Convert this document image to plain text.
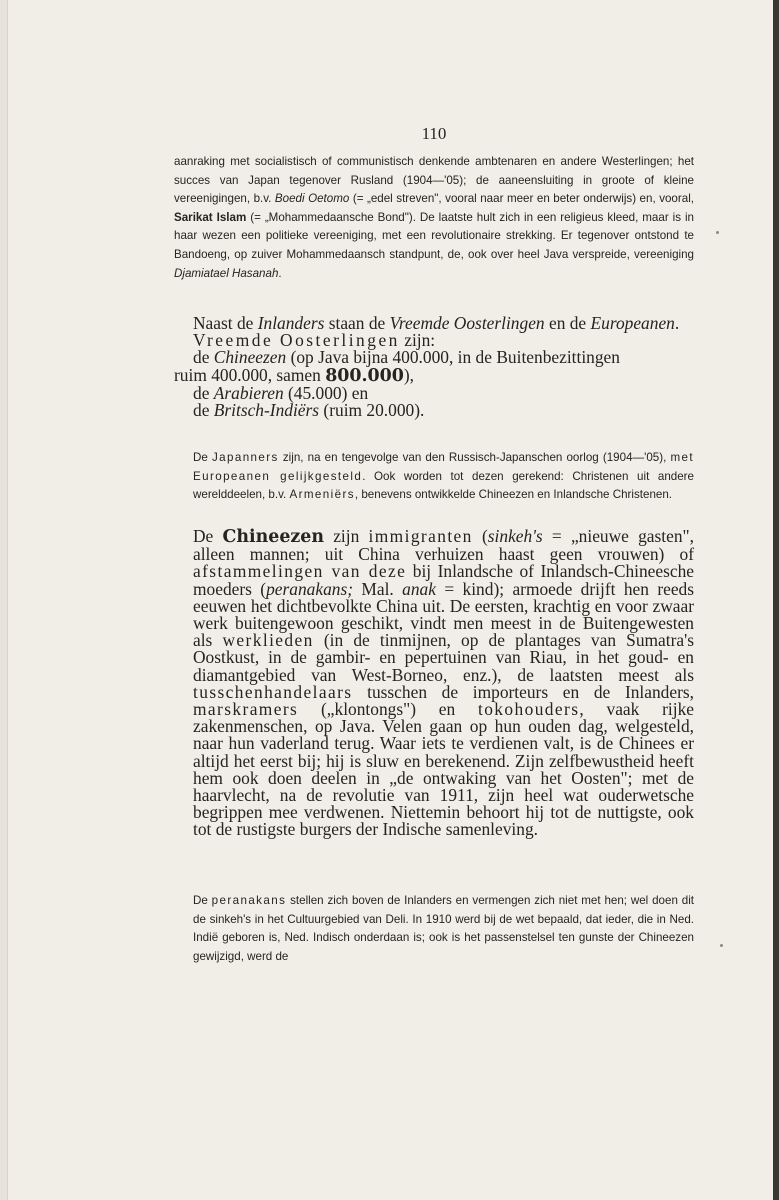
110

aanraking met socialistisch of communistisch denkende ambtenaren en andere Westerlingen; het succes van Japan tegenover Rusland (1904—'05); de aaneensluiting in groote of kleine vereenigingen, b.v. Boedi Oetomo (= „edel streven", vooral naar meer en beter onderwijs) en, vooral, Sarikat Islam (= „Mohammedaansche Bond"). De laatste hult zich in een religieus kleed, maar is in haar wezen een politieke vereeniging, met een revolutionaire strekking. Er tegenover ontstond te Bandoeng, op zuiver Mohammedaansch standpunt, de, ook over heel Java verspreide, vereeniging Djamiatael Hasanah.

Naast de Inlanders staan de Vreemde Oosterlingen en de Europeanen.

Vreemde Oosterlingen zijn:

de Chineezen (op Java bijna 400.000, in de Buitenbezittingen

ruim 400.000, samen 800.000),

de Arabieren (45.000) en

de Britsch-Indiërs (ruim 20.000).

De Japanners zijn, na en tengevolge van den Russisch-Japanschen oorlog (1904—'05), met Europeanen gelijkgesteld. Ook worden tot dezen gerekend: Christenen uit andere werelddeelen, b.v. Armeniërs, benevens ontwikkelde Chineezen en Inlandsche Christenen.

De Chineezen zijn immigranten (sinkeh's = „nieuwe gasten", alleen mannen; uit China verhuizen haast geen vrouwen) of afstammelingen van deze bij Inlandsche of Inlandsch-Chineesche moeders (peranakans; Mal. anak = kind); armoede drijft hen reeds eeuwen het dichtbevolkte China uit. De eersten, krachtig en voor zwaar werk buitengewoon geschikt, vindt men meest in de Buitengewesten als werklieden (in de tinmijnen, op de plantages van Sumatra's Oostkust, in de gambir- en pepertuinen van Riau, in het goud- en diamantgebied van West-Borneo, enz.), de laatsten meest als tusschenhandelaars tusschen de importeurs en de Inlanders, marskramers („klontongs") en tokohouders, vaak rijke zakenmenschen, op Java. Velen gaan op hun ouden dag, welgesteld, naar hun vaderland terug. Waar iets te verdienen valt, is de Chinees er altijd het eerst bij; hij is sluw en berekenend. Zijn zelfbewustheid heeft hem ook doen deelen in „de ontwaking van het Oosten"; met de haarvlecht, na de revolutie van 1911, zijn heel wat ouderwetsche begrippen mee verdwenen. Niettemin behoort hij tot de nuttigste, ook tot de rustigste burgers der Indische samenleving.

De peranakans stellen zich boven de Inlanders en vermengen zich niet met hen; wel doen dit de sinkeh's in het Cultuurgebied van Deli. In 1910 werd bij de wet bepaald, dat ieder, die in Ned. Indië geboren is, Ned. Indisch onderdaan is; ook is het passenstelsel ten gunste der Chineezen gewijzigd, werd de
